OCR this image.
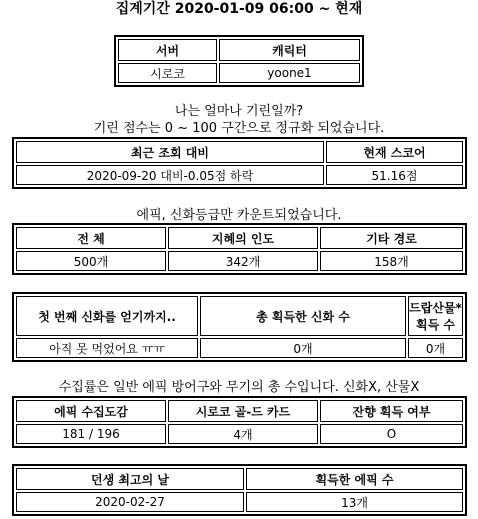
집계기간 2020-01-09 06:00 ~ 현재
서버	캐릭터
시로코	yoone1
나는 얼마나 기린일까?
기린 점수는 0 ~ 100 구간으로 정규화 되었습니다.
최근 조회 대비	현재 스코어
2020-09-20 대비-0.05점 하락	51.16점
에픽, 신화등급만 카운트되었습니다.
전 체	지혜의 인도	기타 경로
500개	342개	158개
첫 번째 신화를 얻기까지..	총 획득한 신화 수	드랍산물* 획득 수
아직 못 먹었어요 ㅠㅠ	0개	0개
수집률은 일반 에픽 방어구와 무기의 총 수입니다. 신화X, 산물X
에픽 수집도감	시로코 골-드 카드	잔향 획득 여부
181 / 196	4개	O
던생 최고의 날	획득한 에픽 수
2020-02-27	13개
